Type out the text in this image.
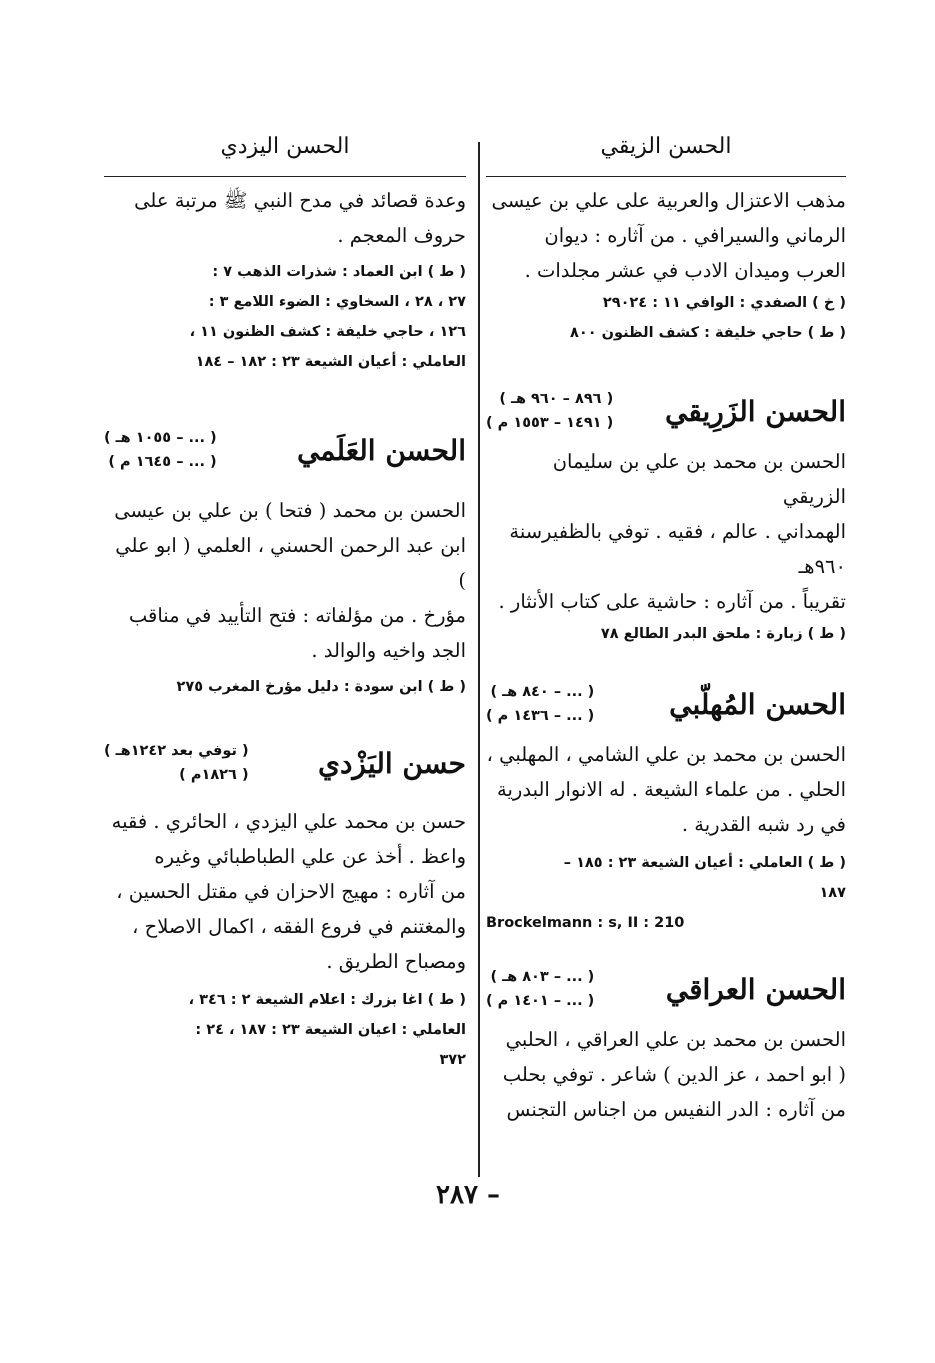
الحسن الزيقي

مذهب الاعتزال والعربية على علي بن عيسى

الرماني والسيرافي . من آثاره : ديوان

العرب وميدان الادب في عشر مجلدات .

( خ ) الصفدي : الوافي ١١ : ٢٩٠٢٤

( ط ) حاجي خليفة : كشف الظنون ٨٠٠

الحسن الزَرِيقي
( ٨٩٦ – ٩٦٠ هـ )
( ١٤٩١ – ١٥٥٣ م )

الحسن بن محمد بن علي بن سليمان الزريقي

الهمداني . عالم ، فقيه . توفي بالظفيرسنة ٩٦٠هـ

تقريباً . من آثاره : حاشية على كتاب الأنثار .

( ط ) زبارة : ملحق البدر الطالع ٧٨

الحسن المُهلّبي
( ... – ٨٤٠ هـ )
( ... – ١٤٣٦ م )

الحسن بن محمد بن علي الشامي ، المهلبي ،

الحلي . من علماء الشيعة . له الانوار البدرية

في رد شبه القدرية .

( ط ) العاملي : أعيان الشيعة ٢٣ : ١٨٥ –

١٨٧

Brockelmann : s, II : 210
الحسن العراقي
( ... – ٨٠٣ هـ )
( ... – ١٤٠١ م )

الحسن بن محمد بن علي العراقي ، الحلبي

( ابو احمد ، عز الدين ) شاعر . توفي بحلب

من آثاره : الدر النفيس من اجناس التجنس

الحسن اليزدي

وعدة قصائد في مدح النبي ﷺ مرتبة على

حروف المعجم .

( ط ) ابن العماد : شذرات الذهب ٧ :

٢٧ ، ٢٨ ، السخاوي : الضوء اللامع ٣ :

١٢٦ ، حاجي خليفة : كشف الظنون ١١ ،

العاملي : أعيان الشيعة ٢٣ : ١٨٢ – ١٨٤

الحسن العَلَمي
( ... – ١٠٥٥ هـ )
( ... – ١٦٤٥ م )

الحسن بن محمد ( فتحا ) بن علي بن عيسى

ابن عبد الرحمن الحسني ، العلمي ( ابو علي )

مؤرخ . من مؤلفاته : فتح التأييد في مناقب

الجد واخيه والوالد .

( ط ) ابن سودة : دليل مؤرخ المغرب ٢٧٥

حسن اليَزْدي
( توفي بعد ١٢٤٢هـ )
( ١٨٢٦م )

حسن بن محمد علي اليزدي ، الحائري . فقيه

واعظ . أخذ عن علي الطباطبائي وغيره

من آثاره : مهيج الاحزان في مقتل الحسين ،

والمغتنم في فروع الفقه ، اكمال الاصلاح ،

ومصباح الطريق .

( ط ) اغا بزرك : اعلام الشيعة ٢ : ٣٤٦ ،

العاملي : اعيان الشيعة ٢٣ : ١٨٧ ، ٢٤ :

٣٧٢

– ٢٨٧
